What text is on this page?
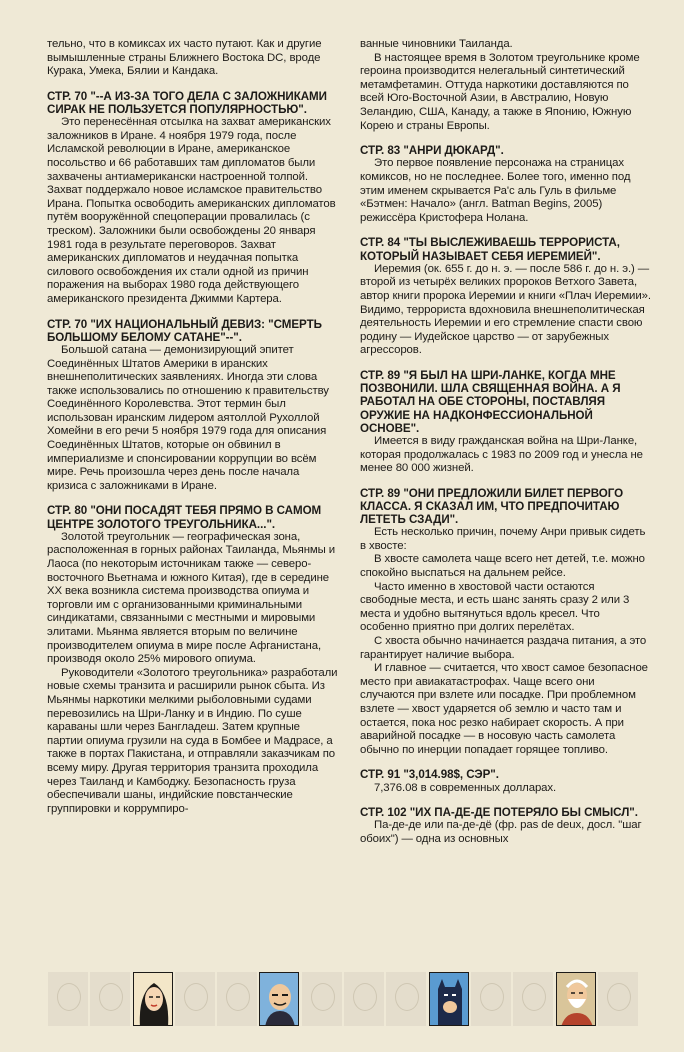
тельно, что в комиксах их часто путают. Как и другие вымышленные страны Ближнего Востока DC, вроде Курака, Умека, Бялии и Кандака.
СТР. 70 "--А ИЗ-ЗА ТОГО ДЕЛА С ЗАЛОЖНИКАМИ СИРАК НЕ ПОЛЬЗУЕТСЯ ПОПУЛЯРНОСТЬЮ".
Это перенесённая отсылка на захват американских заложников в Иране. 4 ноября 1979 года, после Исламской революции в Иране, американское посольство и 66 работавших там дипломатов были захвачены антиамерикански настроенной толпой. Захват поддержало новое исламское правительство Ирана. Попытка освободить американских дипломатов путём вооружённой спецоперации провалилась (с треском). Заложники были освобождены 20 января 1981 года в результате переговоров. Захват американских дипломатов и неудачная попытка силового освобождения их стали одной из причин поражения на выборах 1980 года действующего американского президента Джимми Картера.
СТР. 70 "ИХ НАЦИОНАЛЬНЫЙ ДЕВИЗ: "СМЕРТЬ БОЛЬШОМУ БЕЛОМУ САТАНЕ"--".
Большой сатана — демонизирующий эпитет Соединённых Штатов Америки в иранских внешнеполитических заявлениях. Иногда эти слова также использовались по отношению к правительству Соединённого Королевства. Этот термин был использован иранским лидером аятоллой Рухоллой Хомейни в его речи 5 ноября 1979 года для описания Соединённых Штатов, которые он обвинил в империализме и спонсировании коррупции во всём мире. Речь произошла через день после начала кризиса с заложниками в Иране.
СТР. 80 "ОНИ ПОСАДЯТ ТЕБЯ ПРЯМО В САМОМ ЦЕНТРЕ ЗОЛОТОГО ТРЕУГОЛЬНИКА...".
Золотой треугольник — географическая зона, расположенная в горных районах Таиланда, Мьянмы и Лаоса (по некоторым источникам также — северо-восточного Вьетнама и южного Китая), где в середине XX века возникла система производства опиума и торговли им с организованными криминальными синдикатами, связанными с местными и мировыми элитами. Мьянма является вторым по величине производителем опиума в мире после Афганистана, производя около 25% мирового опиума.
Руководители «Золотого треугольника» разработали новые схемы транзита и расширили рынок сбыта. Из Мьянмы наркотики мелкими рыболовными судами перевозились на Шри-Ланку и в Индию. По суше караваны шли через Бангладеш. Затем крупные партии опиума грузили на суда в Бомбее и Мадрасе, а также в портах Пакистана, и отправляли заказчикам по всему миру. Другая территория транзита проходила через Таиланд и Камбоджу. Безопасность груза обеспечивали шаны, индийские повстанческие группировки и коррумпиро-
ванные чиновники Таиланда.
В настоящее время в Золотом треугольнике кроме героина производится нелегальный синтетический метамфетамин. Оттуда наркотики доставляются по всей Юго-Восточной Азии, в Австралию, Новую Зеландию, США, Канаду, а также в Японию, Южную Корею и страны Европы.
СТР. 83 "АНРИ ДЮКАРД".
Это первое появление персонажа на страницах комиксов, но не последнее. Более того, именно под этим именем скрывается Ра'с аль Гуль в фильме «Бэтмен: Начало» (англ. Batman Begins, 2005) режиссёра Кристофера Нолана.
СТР. 84 "ТЫ ВЫСЛЕЖИВАЕШЬ ТЕРРОРИСТА, КОТОРЫЙ НАЗЫВАЕТ СЕБЯ ИЕРЕМИЕЙ".
Иеремия (ок. 655 г. до н. э. — после 586 г. до н. э.) — второй из четырёх великих пророков Ветхого Завета, автор книги пророка Иеремии и книги «Плач Иеремии». Видимо, террориста вдохновила внешнеполитическая деятельность Иеремии и его стремление спасти свою родину — Иудейское царство — от зарубежных агрессоров.
СТР. 89 "Я БЫЛ НА ШРИ-ЛАНКЕ, КОГДА МНЕ ПОЗВОНИЛИ. ШЛА СВЯЩЕННАЯ ВОЙНА. А Я РАБОТАЛ НА ОБЕ СТОРОНЫ, ПОСТАВЛЯЯ ОРУЖИЕ НА НАДКОНФЕССИОНАЛЬНОЙ ОСНОВЕ".
Имеется в виду гражданская война на Шри-Ланке, которая продолжалась с 1983 по 2009 год и унесла не менее 80 000 жизней.
СТР. 89 "ОНИ ПРЕДЛОЖИЛИ БИЛЕТ ПЕРВОГО КЛАССА. Я СКАЗАЛ ИМ, ЧТО ПРЕДПОЧИТАЮ ЛЕТЕТЬ СЗАДИ".
Есть несколько причин, почему Анри привык сидеть в хвосте:
В хвосте самолета чаще всего нет детей, т.е. можно спокойно выспаться на дальнем рейсе.
Часто именно в хвостовой части остаются свободные места, и есть шанс занять сразу 2 или 3 места и удобно вытянуться вдоль кресел. Что особенно приятно при долгих перелётах.
С хвоста обычно начинается раздача питания, а это гарантирует наличие выбора.
И главное — считается, что хвост самое безопасное место при авиакатастрофах. Чаще всего они случаются при взлете или посадке. При проблемном взлете — хвост ударяется об землю и часто там и остается, пока нос резко набирает скорость. А при аварийной посадке — в носовую часть самолета обычно по инерции попадает горящее топливо.
СТР. 91 "3,014.98$, СЭР".
7,376.08 в современных долларах.
СТР. 102 "ИХ ПА-ДЕ-ДЕ ПОТЕРЯЛО БЫ СМЫСЛ".
Па-де-де или па-де-дё (фр. pas de deux, досл. "шаг обоих") — одна из основных
